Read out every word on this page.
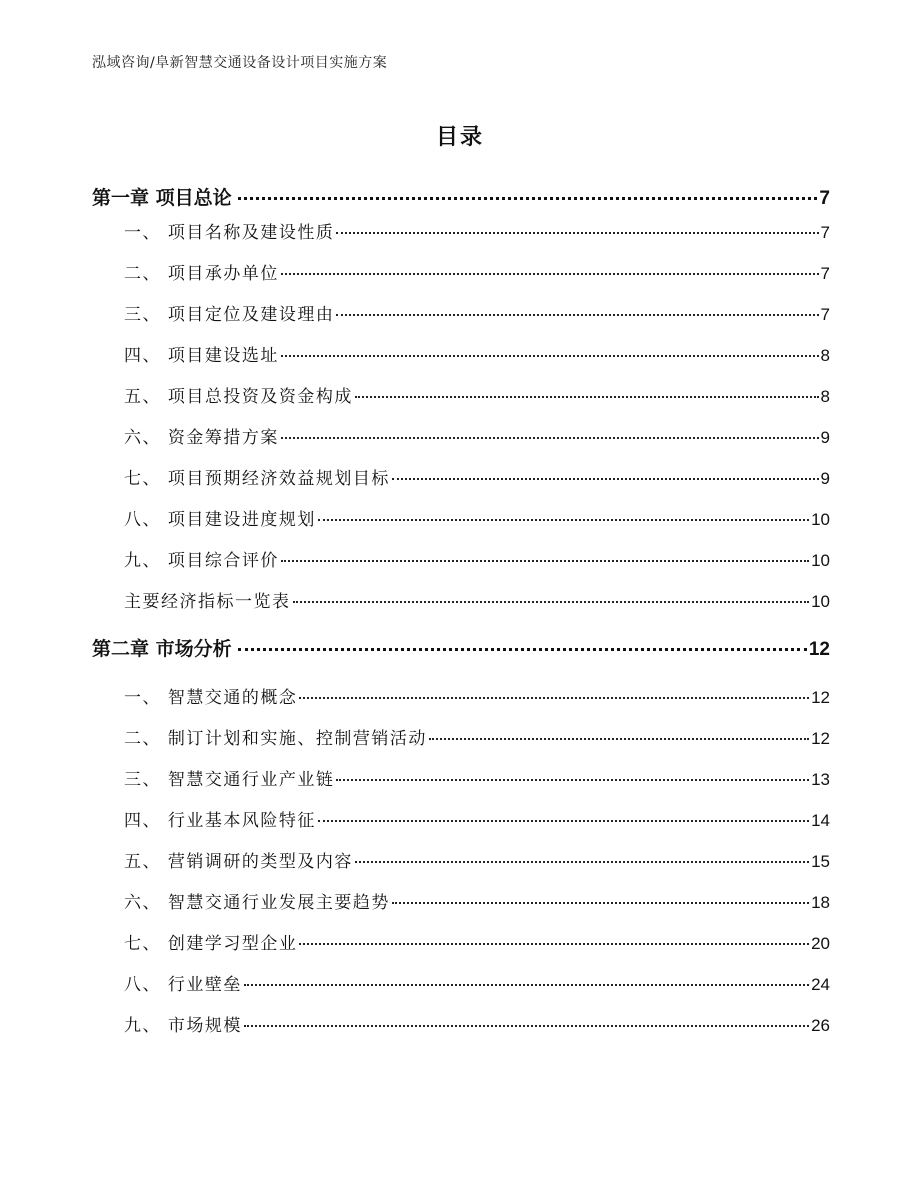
泓域咨询/阜新智慧交通设备设计项目实施方案
目录
第一章 项目总论	7
一、 项目名称及建设性质	7
二、 项目承办单位	7
三、 项目定位及建设理由	7
四、 项目建设选址	8
五、 项目总投资及资金构成	8
六、 资金筹措方案	9
七、 项目预期经济效益规划目标	9
八、 项目建设进度规划	10
九、 项目综合评价	10
主要经济指标一览表	10
第二章 市场分析	12
一、 智慧交通的概念	12
二、 制订计划和实施、控制营销活动	12
三、 智慧交通行业产业链	13
四、 行业基本风险特征	14
五、 营销调研的类型及内容	15
六、 智慧交通行业发展主要趋势	18
七、 创建学习型企业	20
八、 行业壁垒	24
九、 市场规模	26
